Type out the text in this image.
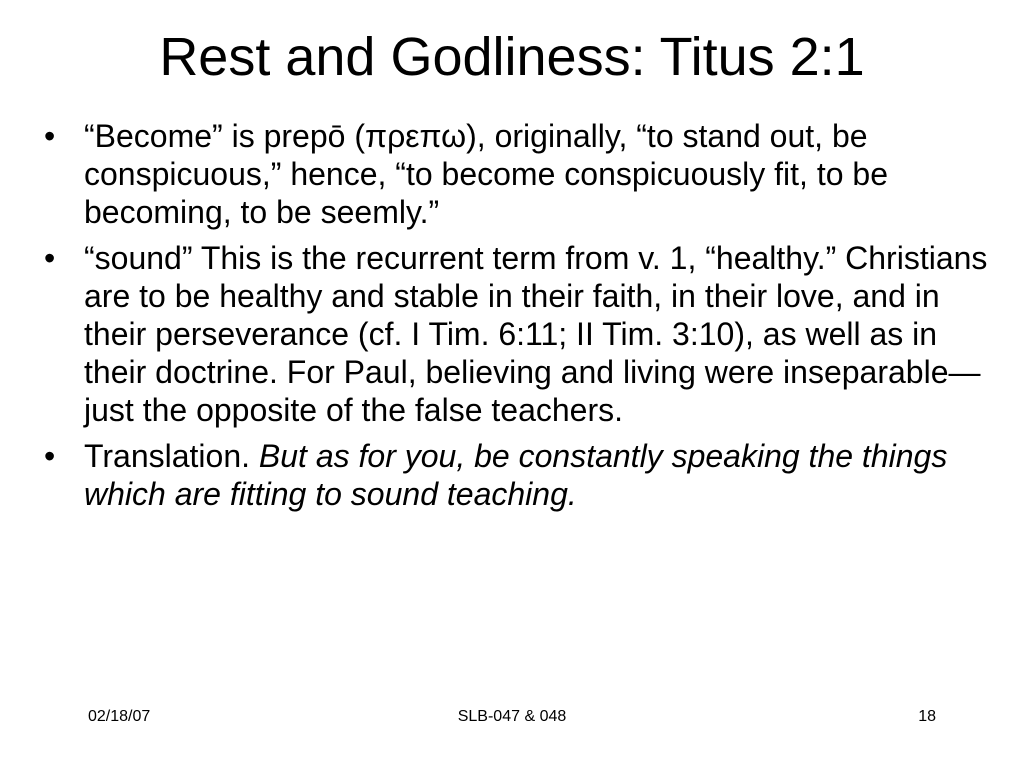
Rest and Godliness: Titus 2:1
• “Become” is prepō (πρεπω), originally, “to stand out, be conspicuous,” hence, “to become conspicuously fit, to be becoming, to be seemly.”
• “sound” This is the recurrent term from v. 1, “healthy.” Christians are to be healthy and stable in their faith, in their love, and in their perseverance (cf. I Tim. 6:11; II Tim. 3:10), as well as in their doctrine. For Paul, believing and living were inseparable—just the opposite of the false teachers.
• Translation. But as for you, be constantly speaking the things which are fitting to sound teaching.
02/18/07	SLB-047 & 048	18
